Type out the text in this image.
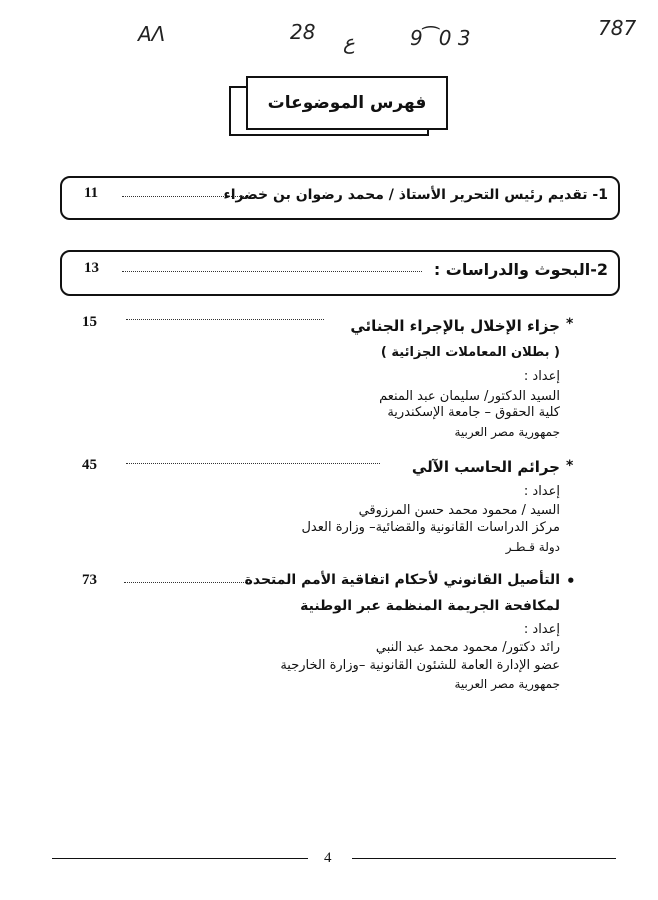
AΛ	28 ع	9⁀0 3	787
فهرس الموضوعات
11	1- تقديم رئيس التحرير الأستاذ / محمد رضوان بن خضراء
13	2-البحوث والدراسات :
15	*
جزاء الإخلال بالإجراء الجنائي
( بطلان المعاملات الجزائية )
إعداد :
السيد الدكتور/ سليمان عبد المنعم
كلية الحقوق – جامعة الإسكندرية
جمهورية مصر العربية
45	*
جرائم الحاسب الآلي
إعداد :
السيد / محمود محمد حسن المرزوقي
مركز الدراسات القانونية والقضائية– وزارة العدل
دولة قـطـر
73	•
التأصيل القانوني لأحكام اتفاقية الأمم المتحدة
لمكافحة الجريمة المنظمة عبر الوطنية
إعداد :
رائد دكتور/ محمود محمد عبد النبي
عضو الإدارة العامة للشئون القانونية –وزارة الخارجية
جمهورية مصر العربية
4
